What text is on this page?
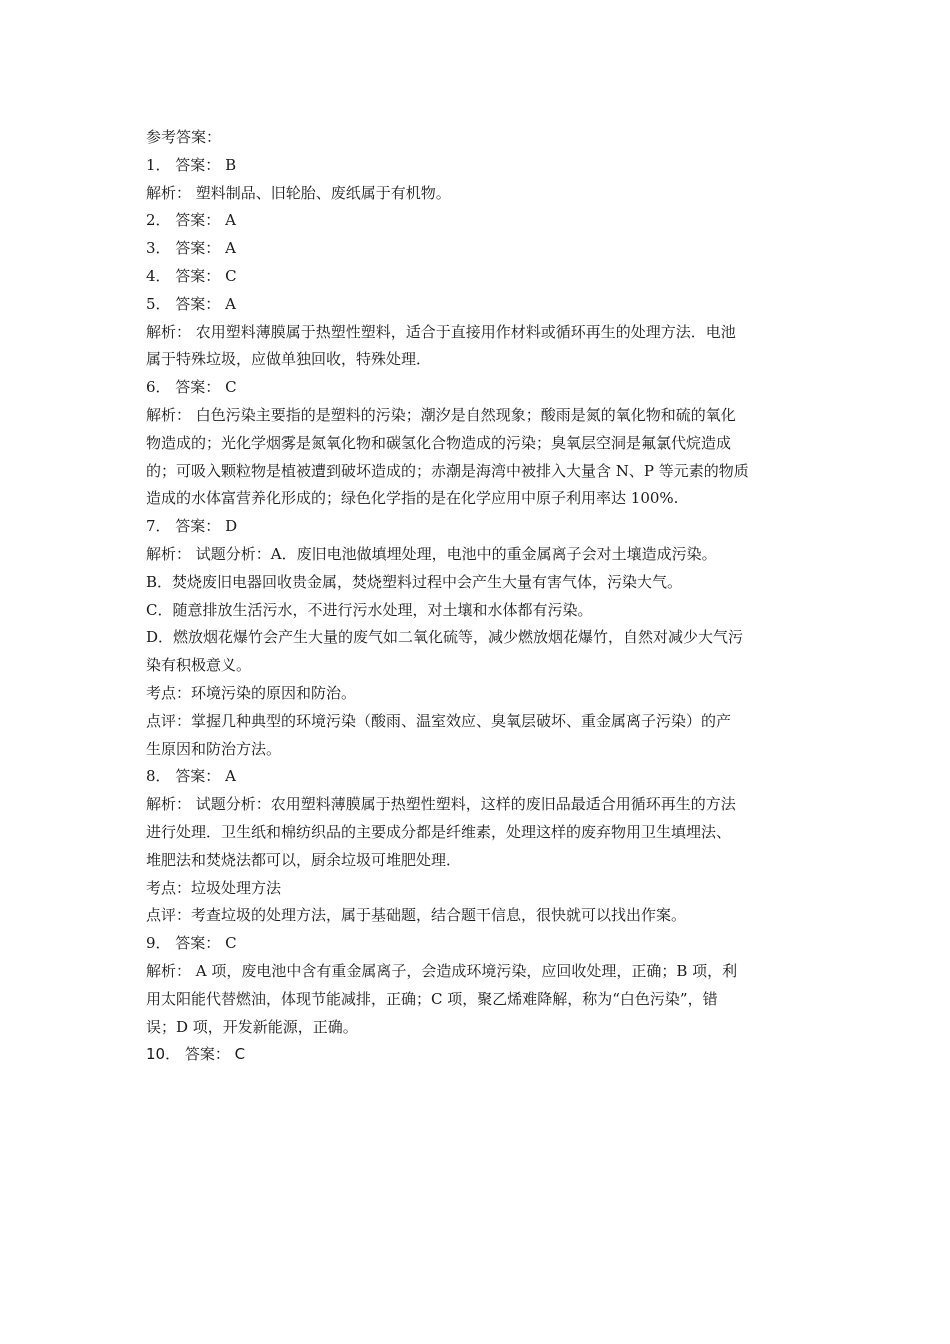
参考答案：
1． 答案： B
解析： 塑料制品、旧轮胎、废纸属于有机物。
2． 答案： A
3． 答案： A
4． 答案： C
5． 答案： A
解析： 农用塑料薄膜属于热塑性塑料，适合于直接用作材料或循环再生的处理方法．电池
属于特殊垃圾，应做单独回收，特殊处理．
6． 答案： C
解析： 白色污染主要指的是塑料的污染；潮汐是自然现象；酸雨是氮的氧化物和硫的氧化
物造成的；光化学烟雾是氮氧化物和碳氢化合物造成的污染；臭氧层空洞是氟氯代烷造成
的；可吸入颗粒物是植被遭到破坏造成的；赤潮是海湾中被排入大量含 N、P 等元素的物质
造成的水体富营养化形成的；绿色化学指的是在化学应用中原子利用率达 100%.
7． 答案： D
解析： 试题分析：A．废旧电池做填埋处理，电池中的重金属离子会对土壤造成污染。
B．焚烧废旧电器回收贵金属，焚烧塑料过程中会产生大量有害气体，污染大气。
C．随意排放生活污水，不进行污水处理，对土壤和水体都有污染。
D．燃放烟花爆竹会产生大量的废气如二氧化硫等，减少燃放烟花爆竹，自然对减少大气污
染有积极意义。
考点：环境污染的原因和防治。
点评：掌握几种典型的环境污染（酸雨、温室效应、臭氧层破坏、重金属离子污染）的产
生原因和防治方法。
8． 答案： A
解析： 试题分析：农用塑料薄膜属于热塑性塑料，这样的废旧品最适合用循环再生的方法
进行处理．卫生纸和棉纺织品的主要成分都是纤维素，处理这样的废弃物用卫生填埋法、
堆肥法和焚烧法都可以，厨余垃圾可堆肥处理．
考点：垃圾处理方法
点评：考查垃圾的处理方法，属于基础题，结合题干信息，很快就可以找出作案。
9． 答案： C
解析： A 项，废电池中含有重金属离子，会造成环境污染，应回收处理，正确；B 项，利
用太阳能代替燃油，体现节能减排，正确；C 项，聚乙烯难降解，称为“白色污染”，错
误；D 项，开发新能源，正确。
10． 答案： C
